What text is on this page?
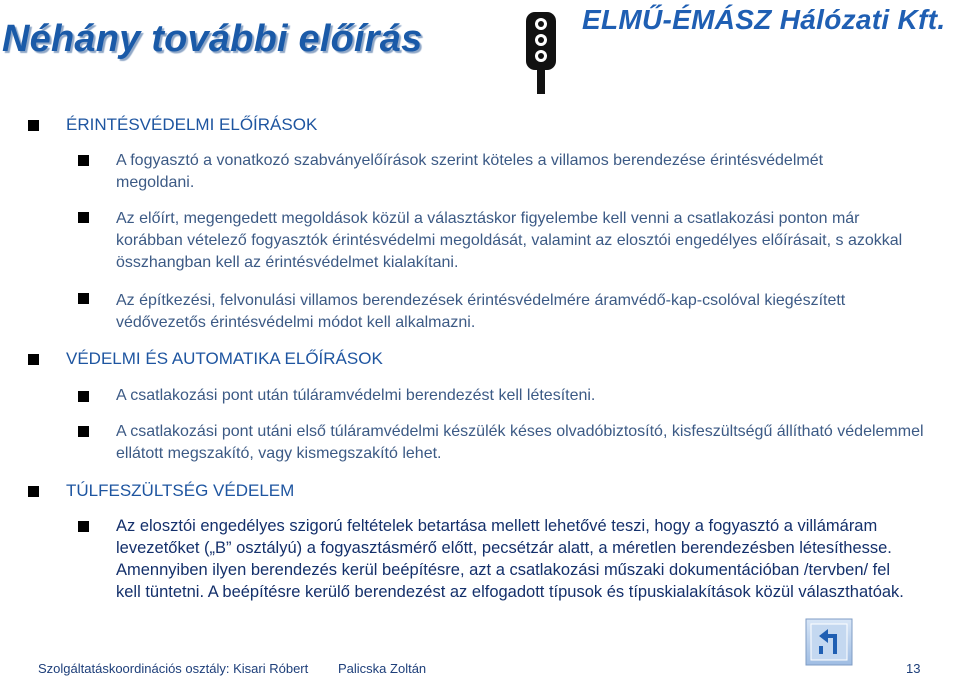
Néhány további előírás	ELMŰ-ÉMÁSZ Hálózati Kft.
ÉRINTÉSVÉDELMI ELŐÍRÁSOK
A fogyasztó a vonatkozó szabványelőírások szerint köteles a villamos berendezése érintésvédelmét megoldani.
Az előírt, megengedett megoldások közül a választáskor figyelembe kell venni a csatlakozási ponton már korábban vételező fogyasztók érintésvédelmi megoldását, valamint az elosztói engedélyes előírásait, s azokkal összhangban kell az érintésvédelmet kialakítani.
Az építkezési, felvonulási villamos berendezések érintésvédelmére áramvédő-kap-csolóval kiegészített védővezetős érintésvédelmi módot kell alkalmazni.
VÉDELMI ÉS AUTOMATIKA ELŐÍRÁSOK
A csatlakozási pont után túláramvédelmi berendezést kell létesíteni.
A csatlakozási pont utáni első túláramvédelmi készülék késes olvadóbiztosító, kisfeszültségű állítható védelemmel ellátott megszakító, vagy kismegszakító lehet.
TÚLFESZÜLTSÉG VÉDELEM
Az elosztói engedélyes szigorú feltételek betartása mellett lehetővé teszi, hogy a fogyasztó a villámáram levezetőket („B” osztályú) a fogyasztásmérő előtt, pecsétzár alatt, a méretlen berendezésben létesíthesse. Amennyiben ilyen berendezés kerül beépítésre, azt a csatlakozási műszaki dokumentációban /tervben/ fel kell tüntetni. A beépítésre kerülő berendezést az elfogadott típusok és típuskialakítások közül választhatóak.
Szolgáltatáskoordinációs osztály: Kisari Róbert Palicska Zoltán	13
